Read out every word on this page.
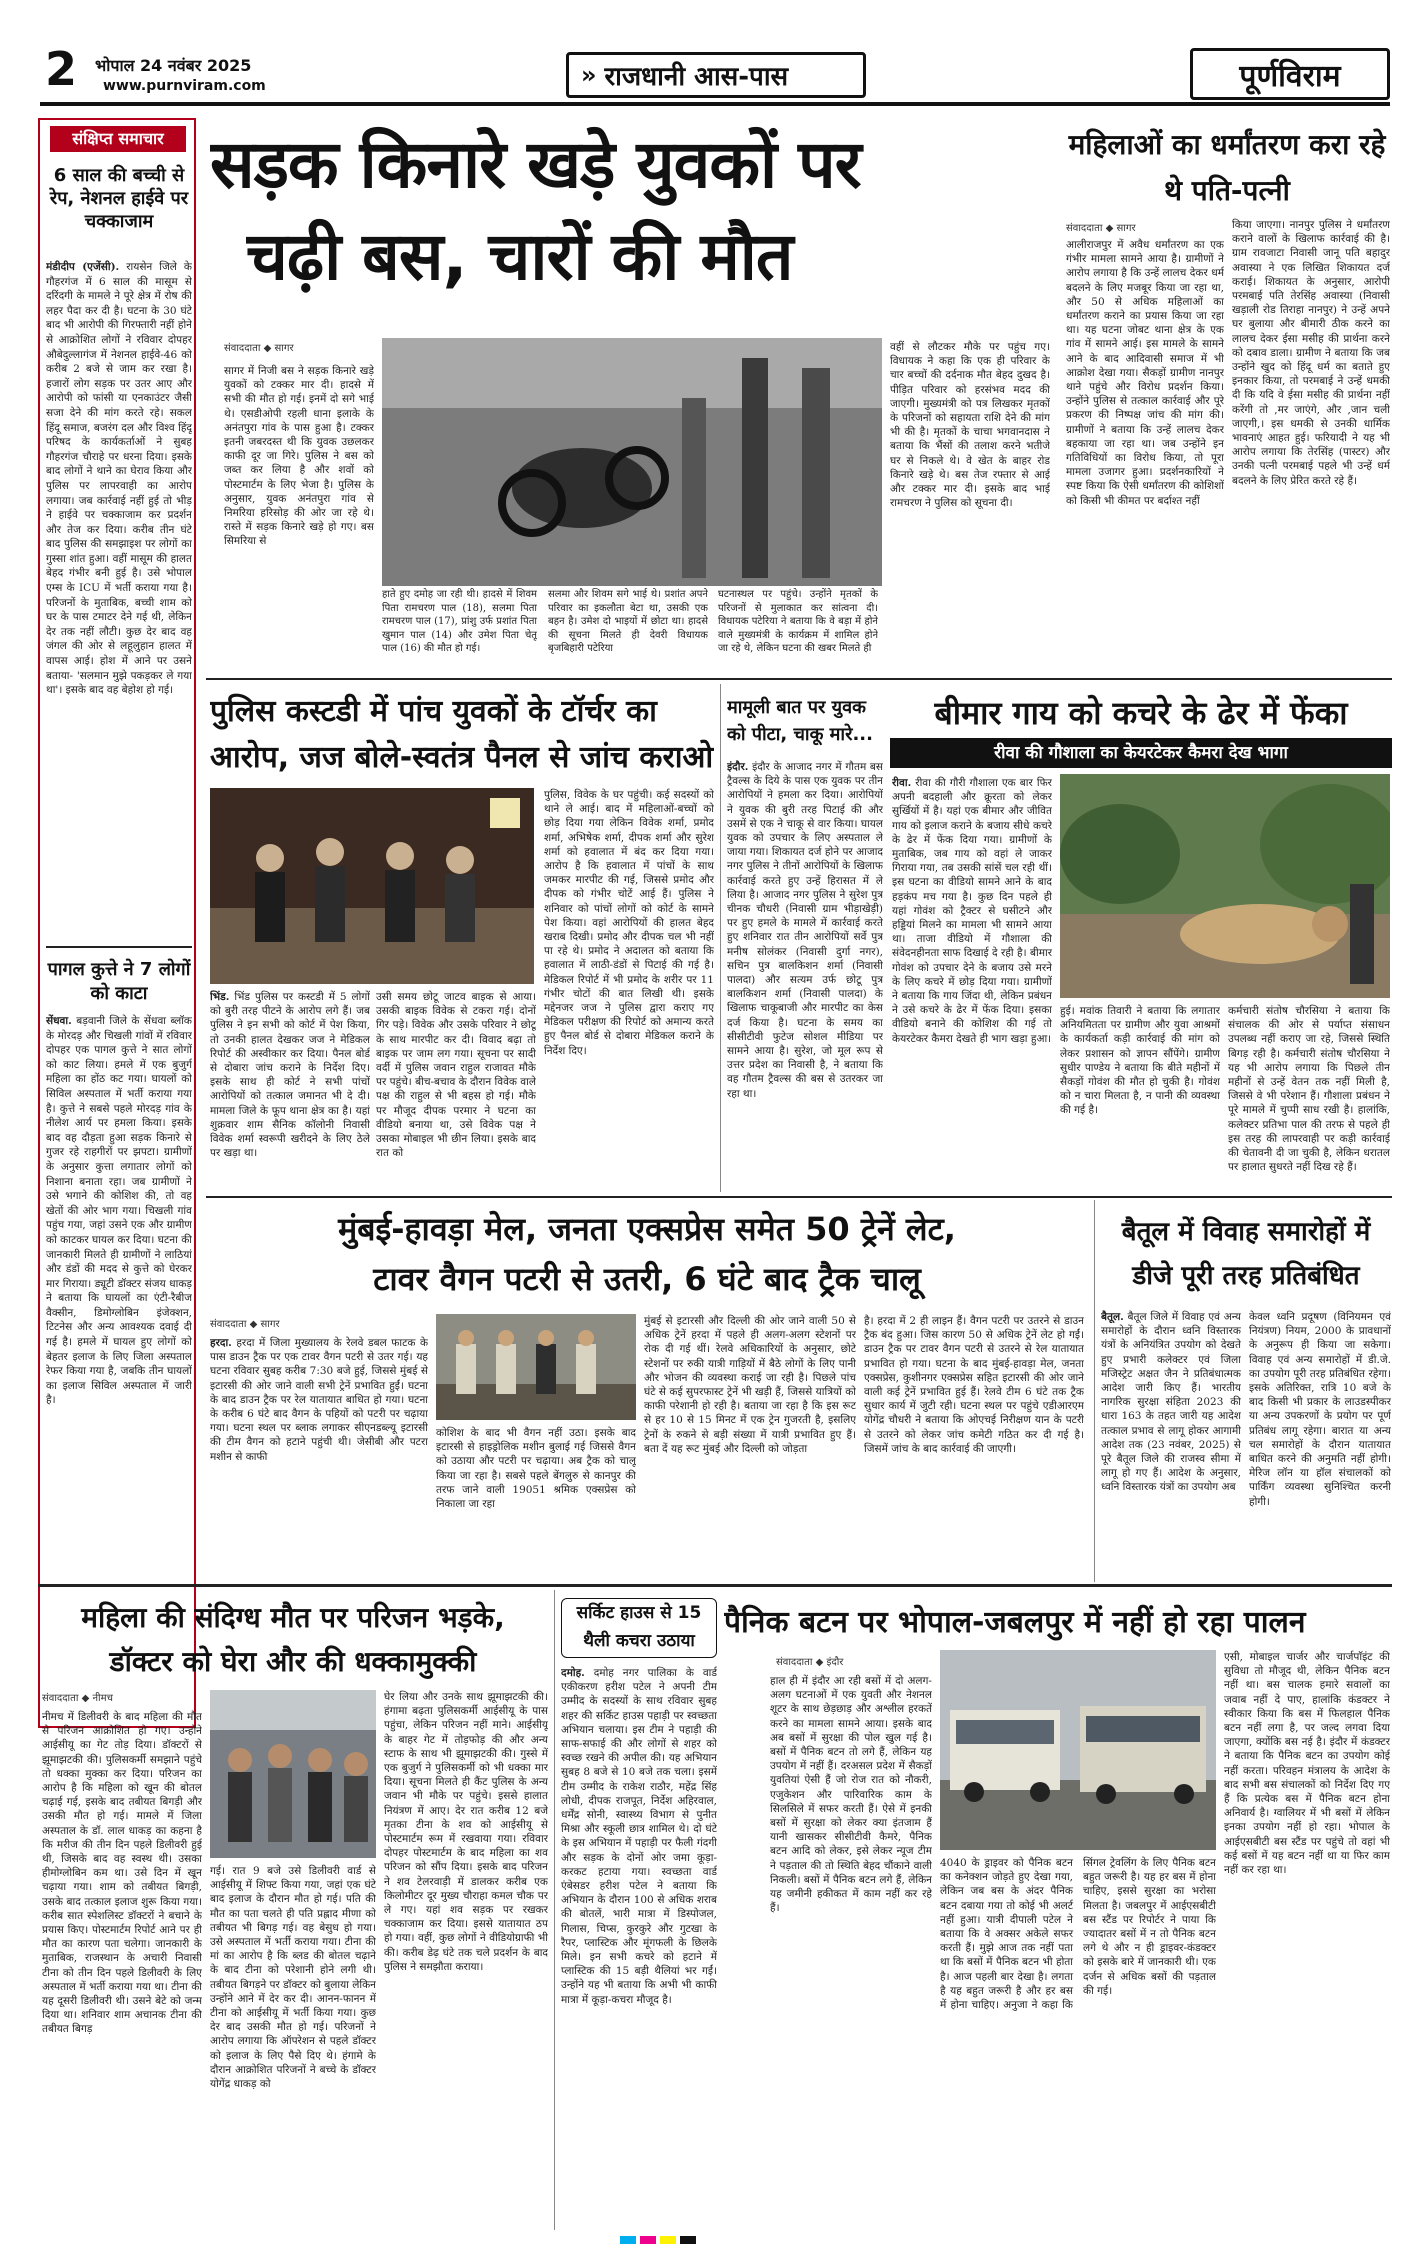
2	भोपाल 24 नवंबर 2025
www.purnviram.com	» राजधानी आस-पास	पूर्णविराम
संक्षिप्त समाचार
6 साल की बच्ची से रेप, नेशनल हाईवे पर चक्काजाम
मंडीदीप (एजेंसी). रायसेन जिले के गौहरगंज में 6 साल की मासूम से दरिंदगी के मामले ने पूरे क्षेत्र में रोष की लहर पैदा कर दी है। घटना के 30 घंटे बाद भी आरोपी की गिरफ्तारी नहीं होने से आक्रोशित लोगों ने रविवार दोपहर औबेदुल्लागंज में नेशनल हाईवे-46 को करीब 2 बजे से जाम कर रखा है। हजारों लोग सड़क पर उतर आए और आरोपी को फांसी या एनकाउंटर जैसी सजा देने की मांग करते रहे। सकल हिंदू समाज, बजरंग दल और विश्व हिंदू परिषद के कार्यकर्ताओं ने सुबह गौहरगंज चौराहे पर धरना दिया। इसके बाद लोगों ने थाने का घेराव किया और पुलिस पर लापरवाही का आरोप लगाया। जब कार्रवाई नहीं हुई तो भीड़ ने हाईवे पर चक्काजाम कर प्रदर्शन और तेज कर दिया। करीब तीन घंटे बाद पुलिस की समझाइश पर लोगों का गुस्सा शांत हुआ। वहीं मासूम की हालत बेहद गंभीर बनी हुई है। उसे भोपाल एम्स के ICU में भर्ती कराया गया है। परिजनों के मुताबिक, बच्ची शाम को घर के पास टमाटर देने गई थी, लेकिन देर तक नहीं लौटी। कुछ देर बाद वह जंगल की ओर से लहूलुहान हालत में वापस आई। होश में आने पर उसने बताया- 'सलमान मुझे पकड़कर ले गया था'। इसके बाद वह बेहोश हो गई।
पागल कुत्ते ने 7 लोगों को काटा
सेंधवा. बड़वानी जिले के सेंधवा ब्लॉक के मोरदड़ और चिखली गांवों में रविवार दोपहर एक पागल कुत्ते ने सात लोगों को काट लिया। हमले में एक बुजुर्ग महिला का होंठ कट गया। घायलों को सिविल अस्पताल में भर्ती कराया गया है। कुत्ते ने सबसे पहले मोरदड़ गांव के नीलेश आर्य पर हमला किया। इसके बाद वह दौड़ता हुआ सड़क किनारे से गुजर रहे राहगीरों पर झपटा। ग्रामीणों के अनुसार कुत्ता लगातार लोगों को निशाना बनाता रहा। जब ग्रामीणों ने उसे भगाने की कोशिश की, तो वह खेतों की ओर भाग गया। चिखली गांव पहुंच गया, जहां उसने एक और ग्रामीण को काटकर घायल कर दिया। घटना की जानकारी मिलते ही ग्रामीणों ने लाठियां और डंडों की मदद से कुत्ते को घेरकर मार गिराया। ड्यूटी डॉक्टर संजय धाकड़ ने बताया कि घायलों का एंटी-रैबीज वैक्सीन, डिमोग्लोबिन इंजेक्शन, टिटनेस और अन्य आवश्यक दवाई दी गई है। हमले में घायल हुए लोगों को बेहतर इलाज के लिए जिला अस्पताल रेफर किया गया है, जबकि तीन घायलों का इलाज सिविल अस्पताल में जारी है।
सड़क किनारे खड़े युवकों पर
चढ़ी बस, चारों की मौत
संवाददाता ◆ सागर
सागर में निजी बस ने सड़क किनारे खड़े युवकों को टक्कर मार दी। हादसे में सभी की मौत हो गई। इनमें दो सगे भाई थे। एसडीओपी रहली धाना इलाके के अनंतपुरा गांव के पास हुआ है। टक्कर इतनी जबरदस्त थी कि युवक उछलकर काफी दूर जा गिरे। पुलिस ने बस को जब्त कर लिया है और शवों को पोस्टमार्टम के लिए भेजा है। पुलिस के अनुसार, युवक अनंतपुरा गांव से निमरिया हरिसोड़ की ओर जा रहे थे। रास्ते में सड़क किनारे खड़े हो गए। बस सिमरिया से
हाते हुए दमोह जा रही थी। हादसे में शिवम पिता रामचरण पाल (18), सलमा पिता रामचरण पाल (17), प्रांशु उर्फ प्रशांत पिता खुमान पाल (14) और उमेश पिता चेतू पाल (16) की मौत हो गई।
सलमा और शिवम सगे भाई थे। प्रशांत अपने परिवार का इकलौता बेटा था, उसकी एक बहन है। उमेश दो भाइयों में छोटा था। हादसे की सूचना मिलते ही देवरी विधायक बृजबिहारी पटेरिया
घटनास्थल पर पहुंचे। उन्होंने मृतकों के परिजनों से मुलाकात कर सांत्वना दी। विधायक पटेरिया ने बताया कि वे बड़ा में होने वाले मुख्यमंत्री के कार्यक्रम में शामिल होने जा रहे थे, लेकिन घटना की खबर मिलते ही
वहीं से लौटकर मौके पर पहुंच गए। विधायक ने कहा कि एक ही परिवार के चार बच्चों की दर्दनाक मौत बेहद दुखद है। पीड़ित परिवार को हरसंभव मदद की जाएगी। मुख्यमंत्री को पत्र लिखकर मृतकों के परिजनों को सहायता राशि देने की मांग भी की है। मृतकों के चाचा भगवानदास ने बताया कि भैंसों की तलाश करने भतीजे घर से निकले थे। वे खेत के बाहर रोड किनारे खड़े थे। बस तेज रफ्तार से आई और टक्कर मार दी। इसके बाद भाई रामचरण ने पुलिस को सूचना दी।
महिलाओं का धर्मांतरण करा रहे थे पति-पत्नी
संवाददाता ◆ सागर
आलीराजपुर में अवैध धर्मांतरण का एक गंभीर मामला सामने आया है। ग्रामीणों ने आरोप लगाया है कि उन्हें लालच देकर धर्म बदलने के लिए मजबूर किया जा रहा था, और 50 से अधिक महिलाओं का धर्मांतरण कराने का प्रयास किया जा रहा था। यह घटना जोबट थाना क्षेत्र के एक गांव में सामने आई। इस मामले के सामने आने के बाद आदिवासी समाज में भी आक्रोश देखा गया। सैकड़ों ग्रामीण नानपुर थाने पहुंचे और विरोध प्रदर्शन किया। उन्होंने पुलिस से तत्काल कार्रवाई और पूरे प्रकरण की निष्पक्ष जांच की मांग की। ग्रामीणों ने बताया कि उन्हें लालच देकर बहकाया जा रहा था। जब उन्होंने इन गतिविधियों का विरोध किया, तो पूरा मामला उजागर हुआ। प्रदर्शनकारियों ने स्पष्ट किया कि ऐसी धर्मांतरण की कोशिशों को किसी भी कीमत पर बर्दाश्त नहीं
किया जाएगा। नानपुर पुलिस ने धर्मांतरण कराने वालों के खिलाफ कार्रवाई की है। ग्राम रावजाटा निवासी जानू पति बहादुर अवास्या ने एक लिखित शिकायत दर्ज कराई। शिकायत के अनुसार, आरोपी परमबाई पति तेरसिंह अवास्या (निवासी खड़ाली रोड तिराहा नानपुर) ने उन्हें अपने घर बुलाया और बीमारी ठीक करने का लालच देकर ईसा मसीह की प्रार्थना करने को दबाव डाला। ग्रामीण ने बताया कि जब उन्होंने खुद को हिंदू धर्म का बताते हुए इनकार किया, तो परमबाई ने उन्हें धमकी दी कि यदि वे ईसा मसीह की प्रार्थना नहीं करेंगी तो ,मर जाएंगे, और ,जान चली जाएगी,। इस धमकी से उनकी धार्मिक भावनाएं आहत हुई। फरियादी ने यह भी आरोप लगाया कि तेरसिंह (पास्टर) और उनकी पत्नी परमबाई पहले भी उन्हें धर्म बदलने के लिए प्रेरित करते रहे हैं।
पुलिस कस्टडी में पांच युवकों के टॉर्चर का
आरोप, जज बोले-स्वतंत्र पैनल से जांच कराओ
भिंड. भिंड पुलिस पर कस्टडी में 5 लोगों को बुरी तरह पीटने के आरोप लगे हैं। जब पुलिस ने इन सभी को कोर्ट में पेश किया, तो उनकी हालत देखकर जज ने मेडिकल रिपोर्ट की अस्वीकार कर दिया। पैनल बोर्ड से दोबारा जांच कराने के निर्देश दिए। इसके साथ ही कोर्ट ने सभी पांचों आरोपियों को तत्काल जमानत भी दे दी। मामला जिले के फूप थाना क्षेत्र का है। यहां शुक्रवार शाम सैनिक कॉलोनी निवासी विवेक शर्मा स्वरूपी खरीदने के लिए ठेले पर खड़ा था।
उसी समय छोटू जाटव बाइक से आया। उसकी बाइक विवेक से टकरा गई। दोनों गिर पड़े। विवेक और उसके परिवार ने छोटू के साथ मारपीट कर दी। विवाद बढ़ा तो बाइक पर जाम लग गया। सूचना पर सादी वर्दी में पुलिस जवान राहुल राजावत मौके पर पहुंचे। बीच-बचाव के दौरान विवेक वाले पक्ष की राहुल से भी बहस हो गई। मौके पर मौजूद दीपक परमार ने घटना का वीडियो बनाया था, उसे विवेक पक्ष ने उसका मोबाइल भी छीन लिया। इसके बाद रात को
पुलिस, विवेक के घर पहुंची। कई सदस्यों को थाने ले आई। बाद में महिलाओं-बच्चों को छोड़ दिया गया लेकिन विवेक शर्मा, प्रमोद शर्मा, अभिषेक शर्मा, दीपक शर्मा और सुरेश शर्मा को हवालात में बंद कर दिया गया। आरोप है कि हवालात में पांचों के साथ जमकर मारपीट की गई, जिससे प्रमोद और दीपक को गंभीर चोटें आई हैं। पुलिस ने शनिवार को पांचों लोगों को कोर्ट के सामने पेश किया। वहां आरोपियों की हालत बेहद खराब दिखी। प्रमोद और दीपक चल भी नहीं पा रहे थे। प्रमोद ने अदालत को बताया कि हवालात में लाठी-डंडों से पिटाई की गई है। मेडिकल रिपोर्ट में भी प्रमोद के शरीर पर 11 गंभीर चोटों की बात लिखी थी। इसके मद्देनजर जज ने पुलिस द्वारा कराए गए मेडिकल परीक्षण की रिपोर्ट को अमान्य करते हुए पैनल बोर्ड से दोबारा मेडिकल कराने के निर्देश दिए।
मामूली बात पर युवक को पीटा, चाकू मारे...
इंदौर. इंदौर के आजाद नगर में गौतम बस ट्रैवल्स के दिये के पास एक युवक पर तीन आरोपियों ने हमला कर दिया। आरोपियों ने युवक की बुरी तरह पिटाई की और उसमें से एक ने चाकू से वार किया। घायल युवक को उपचार के लिए अस्पताल ले जाया गया। शिकायत दर्ज होने पर आजाद नगर पुलिस ने तीनों आरोपियों के खिलाफ कार्रवाई करते हुए उन्हें हिरासत में ले लिया है। आजाद नगर पुलिस ने सुरेश पुत्र चीनक चौधरी (निवासी ग्राम भीड़ाखेड़ी) पर हुए हमले के मामले में कार्रवाई करते हुए शनिवार रात तीन आरोपियों सर्वे पुत्र मनीष सोलंकर (निवासी दुर्गा नगर), सचिन पुत्र बालकिशन शर्मा (निवासी पालदा) और सत्यम उर्फ छोटू पुत्र बालकिशन शर्मा (निवासी पालदा) के खिलाफ चाकूबाजी और मारपीट का केस दर्ज किया है। घटना के समय का सीसीटीवी फुटेज सोशल मीडिया पर सामने आया है। सुरेश, जो मूल रूप से उत्तर प्रदेश का निवासी है, ने बताया कि वह गौतम ट्रैवल्स की बस से उतरकर जा रहा था।
बीमार गाय को कचरे के ढेर में फेंका
रीवा की गौशाला का केयरटेकर कैमरा देख भागा
रीवा. रीवा की गौरी गौशाला एक बार फिर अपनी बदहाली और क्रूरता को लेकर सुर्खियों में है। यहां एक बीमार और जीवित गाय को इलाज कराने के बजाय सीधे कचरे के ढेर में फेंक दिया गया। ग्रामीणों के मुताबिक, जब गाय को वहां ले जाकर गिराया गया, तब उसकी सांसें चल रही थीं। इस घटना का वीडियो सामने आने के बाद हड़कंप मच गया है। कुछ दिन पहले ही यहां गोवंश को ट्रैक्टर से घसीटने और हड्डियां मिलने का मामला भी सामने आया था। ताजा वीडियो में गौशाला की संवेदनहीनता साफ दिखाई दे रही है। बीमार गोवंश को उपचार देने के बजाय उसे मरने के लिए कचरे में छोड़ दिया गया। ग्रामीणों ने बताया कि गाय जिंदा थी, लेकिन प्रबंधन ने उसे कचरे के ढेर में फेंक दिया। इसका वीडियो बनाने की कोशिश की गई तो केयरटेकर कैमरा देखते ही भाग खड़ा हुआ।
हुई। मवांक तिवारी ने बताया कि लगातार अनियमितता पर ग्रामीण और युवा आश्रमों के कार्यकर्ता कड़ी कार्रवाई की मांग को लेकर प्रशासन को ज्ञापन सौंपेंगे। ग्रामीण सुधीर पाण्डेय ने बताया कि बीते महीनों में सैकड़ों गोवंश की मौत हो चुकी है। गोवंश को न चारा मिलता है, न पानी की व्यवस्था की गई है।
कर्मचारी संतोष चौरसिया ने बताया कि संचालक की ओर से पर्याप्त संसाधन उपलब्ध नहीं कराए जा रहे, जिससे स्थिति बिगड़ रही है। कर्मचारी संतोष चौरसिया ने यह भी आरोप लगाया कि पिछले तीन महीनों से उन्हें वेतन तक नहीं मिली है, जिससे वे भी परेशान हैं। गौशाला प्रबंधन ने पूरे मामले में चुप्पी साध रखी है। हालांकि, कलेक्टर प्रतिभा पाल की तरफ से पहले ही इस तरह की लापरवाही पर कड़ी कार्रवाई की चेतावनी दी जा चुकी है, लेकिन धरातल पर हालात सुधरते नहीं दिख रहे हैं।
मुंबई-हावड़ा मेल, जनता एक्सप्रेस समेत 50 ट्रेनें लेट,
टावर वैगन पटरी से उतरी, 6 घंटे बाद ट्रैक चालू
संवाददाता ◆ सागर
हरदा. हरदा में जिला मुख्यालय के रेलवे डबल फाटक के पास डाउन ट्रैक पर एक टावर वैगन पटरी से उतर गई। यह घटना रविवार सुबह करीब 7:30 बजे हुई, जिससे मुंबई से इटारसी की ओर जाने वाली सभी ट्रेनें प्रभावित हुईं। घटना के बाद डाउन ट्रैक पर रेल यातायात बाधित हो गया। घटना के करीब 6 घंटे बाद वैगन के पहियों को पटरी पर चढ़ाया गया। घटना स्थल पर ब्लाक लगाकर सीएनडब्ल्यू इटारसी की टीम वैगन को हटाने पहुंची थी। जेसीबी और पटरा मशीन से काफी
कोशिश के बाद भी वैगन नहीं उठा। इसके बाद इटारसी से हाइड्रोलिक मशीन बुलाई गई जिससे वैगन को उठाया और पटरी पर चढ़ाया। अब ट्रैक को चालू किया जा रहा है। सबसे पहले बेंगलुरु से कानपुर की तरफ जाने वाली 19051 श्रमिक एक्सप्रेस को निकाला जा रहा
मुंबई से इटारसी और दिल्ली की ओर जाने वाली 50 से अधिक ट्रेनें हरदा में पहले ही अलग-अलग स्टेशनों पर रोक दी गई थीं। रेलवे अधिकारियों के अनुसार, छोटे स्टेशनों पर रुकी यात्री गाड़ियों में बैठे लोगों के लिए पानी और भोजन की व्यवस्था कराई जा रही है। पिछले पांच घंटे से कई सुपरफास्ट ट्रेनें भी खड़ी हैं, जिससे यात्रियों को काफी परेशानी हो रही है। बताया जा रहा है कि इस रूट से हर 10 से 15 मिनट में एक ट्रेन गुजरती है, इसलिए ट्रेनों के रुकने से बड़ी संख्या में यात्री प्रभावित हुए हैं। बता दें यह रूट मुंबई और दिल्ली को जोड़ता
है। हरदा में 2 ही लाइन हैं। वैगन पटरी पर उतरने से डाउन ट्रैक बंद हुआ। जिस कारण 50 से अधिक ट्रेनें लेट हो गईं। डाउन ट्रैक पर टावर वैगन पटरी से उतरने से रेल यातायात प्रभावित हो गया। घटना के बाद मुंबई-हावड़ा मेल, जनता एक्सप्रेस, कुशीनगर एक्सप्रेस सहित इटारसी की ओर जाने वाली कई ट्रेनें प्रभावित हुई हैं। रेलवे टीम 6 घंटे तक ट्रैक सुधार कार्य में जुटी रही। घटना स्थल पर पहुंचे एडीआरएम योगेंद्र चौधरी ने बताया कि ओएचई निरीक्षण यान के पटरी से उतरने को लेकर जांच कमेटी गठित कर दी गई है। जिसमें जांच के बाद कार्रवाई की जाएगी।
बैतूल में विवाह समारोहों में डीजे पूरी तरह प्रतिबंधित
बैतूल. बैतूल जिले में विवाह एवं अन्य समारोहों के दौरान ध्वनि विस्तारक यंत्रों के अनियंत्रित उपयोग को देखते हुए प्रभारी कलेक्टर एवं जिला मजिस्ट्रेट अक्षत जैन ने प्रतिबंधात्मक आदेश जारी किए हैं। भारतीय नागरिक सुरक्षा संहिता 2023 की धारा 163 के तहत जारी यह आदेश तत्काल प्रभाव से लागू होकर आगामी आदेश तक (23 नवंबर, 2025) से पूरे बैतूल जिले की राजस्व सीमा में लागू हो गए हैं। आदेश के अनुसार, ध्वनि विस्तारक यंत्रों का उपयोग अब
केवल ध्वनि प्रदूषण (विनियमन एवं नियंत्रण) नियम, 2000 के प्रावधानों के अनुरूप ही किया जा सकेगा। विवाह एवं अन्य समारोहों में डी.जे. का उपयोग पूरी तरह प्रतिबंधित रहेगा। इसके अतिरिक्त, रात्रि 10 बजे के बाद किसी भी प्रकार के लाउडस्पीकर या अन्य उपकरणों के प्रयोग पर पूर्ण प्रतिबंध लागू रहेगा। बारात या अन्य चल समारोहों के दौरान यातायात बाधित करने की अनुमति नहीं होगी। मेरिज लॉन या हॉल संचालकों को पार्किंग व्यवस्था सुनिश्चित करनी होगी।
महिला की संदिग्ध मौत पर परिजन भड़के,
डॉक्टर को घेरा और की धक्कामुक्की
संवाददाता ◆ नीमच
नीमच में डिलीवरी के बाद महिला की मौत से परिजन आक्रोशित हो गए। उन्होंने आईसीयू का गेट तोड़ दिया। डॉक्टरों से झूमाझटकी की। पुलिसकर्मी समझाने पहुंचे तो धक्का मुक्का कर दिया। परिजन का आरोप है कि महिला को खून की बोतल चढ़ाई गई, इसके बाद तबीयत बिगड़ी और उसकी मौत हो गई। मामले में जिला अस्पताल के डॉ. लाल धाकड़ का कहना है कि मरीज की तीन दिन पहले डिलीवरी हुई थी, जिसके बाद वह स्वस्थ थी। उसका हीमोग्लोबिन कम था। उसे दिन में खून चढ़ाया गया। शाम को तबीयत बिगड़ी, उसके बाद तत्काल इलाज शुरू किया गया। करीब सात स्पेशलिस्ट डॉक्टरों ने बचाने के प्रयास किए। पोस्टमार्टम रिपोर्ट आने पर ही मौत का कारण पता चलेगा। जानकारी के मुताबिक, राजस्थान के अचारी निवासी टीना को तीन दिन पहले डिलीवरी के लिए अस्पताल में भर्ती कराया गया था। टीना की यह दूसरी डिलीवरी थी। उसने बेटे को जन्म दिया था। शनिवार शाम अचानक टीना की तबीयत बिगड़
गई। रात 9 बजे उसे डिलीवरी वार्ड से आईसीयू में शिफ्ट किया गया, जहां एक घंटे बाद इलाज के दौरान मौत हो गई। पति की मौत का पता चलते ही पति प्रह्लाद मीणा को तबीयत भी बिगड़ गई। वह बेसुध हो गया। उसे अस्पताल में भर्ती कराया गया। टीना की मां का आरोप है कि ब्लड की बोतल चढ़ाने के बाद टीना को परेशानी होने लगी थी। तबीयत बिगड़ने पर डॉक्टर को बुलाया लेकिन उन्होंने आने में देर कर दी। आनन-फानन में टीना को आईसीयू में भर्ती किया गया। कुछ देर बाद उसकी मौत हो गई। परिजनों ने आरोप लगाया कि ऑपरेशन से पहले डॉक्टर को इलाज के लिए पैसे दिए थे। हंगामे के दौरान आक्रोशित परिजनों ने बच्चे के डॉक्टर योगेंद्र धाकड़ को
घेर लिया और उनके साथ झूमाझटकी की। हंगामा बढ़ता पुलिसकर्मी आईसीयू के पास पहुंचा, लेकिन परिजन नहीं माने। आईसीयू के बाहर गेट में तोड़फोड़ की और अन्य स्टाफ के साथ भी झूमाझटकी की। गुस्से में एक बुजुर्ग ने पुलिसकर्मी को भी धक्का मार दिया। सूचना मिलते ही कैंट पुलिस के अन्य जवान भी मौके पर पहुंचे। इससे हालात नियंत्रण में आए। देर रात करीब 12 बजे मृतका टीना के शव को आईसीयू से पोस्टमार्टम रूम में रखवाया गया। रविवार दोपहर पोस्टमार्टम के बाद महिला का शव परिजन को सौंप दिया। इसके बाद परिजन ने शव टेलरवाड़ी में डालकर करीब एक किलोमीटर दूर मुख्य चौराहा कमल चौक पर ले गए। यहां शव सड़क पर रखकर चक्काजाम कर दिया। इससे यातायात ठप हो गया। वहीं, कुछ लोगों ने वीडियोग्राफी भी की। करीब डेढ़ घंटे तक चले प्रदर्शन के बाद पुलिस ने समझौता कराया।
सर्किट हाउस से 15 थैली कचरा उठाया
दमोह. दमोह नगर पालिका के वार्ड एकीकरण हरीश पटेल ने अपनी टीम उम्मीद के सदस्यों के साथ रविवार सुबह शहर की सर्किट हाउस पहाड़ी पर स्वच्छता अभियान चलाया। इस टीम ने पहाड़ी की साफ-सफाई की और लोगों से शहर को स्वच्छ रखने की अपील की। यह अभियान सुबह 8 बजे से 10 बजे तक चला। इसमें टीम उम्मीद के राकेश राठौर, महेंद्र सिंह लोधी, दीपक राजपूत, निर्देश अहिरवाल, धर्मेंद्र सोनी, स्वास्थ्य विभाग से पुनीत मिश्रा और स्कूली छात्र शामिल थे। दो घंटे के इस अभियान में पहाड़ी पर फैली गंदगी और सड़क के दोनों ओर जमा कूड़ा-करकट हटाया गया। स्वच्छता वार्ड एंबेसडर हरीश पटेल ने बताया कि अभियान के दौरान 100 से अधिक शराब की बोतलें, भारी मात्रा में डिस्पोजल, गिलास, चिप्स, कुरकुरे और गुटखा के रैपर, प्लास्टिक और मूंगफली के छिलके मिले। इन सभी कचरे को हटाने में प्लास्टिक की 15 बड़ी थैलियां भर गईं। उन्होंने यह भी बताया कि अभी भी काफी मात्रा में कूड़ा-कचरा मौजूद है।
पैनिक बटन पर भोपाल-जबलपुर में नहीं हो रहा पालन
संवाददाता ◆ इंदौर
हाल ही में इंदौर आ रही बसों में दो अलग-अलग घटनाओं में एक युवती और नेशनल शूटर के साथ छेड़छाड़ और अश्लील हरकतें करने का मामला सामने आया। इसके बाद अब बसों में सुरक्षा की पोल खुल गई है। बसों में पैनिक बटन तो लगे हैं, लेकिन यह उपयोग में नहीं हैं। दरअसल प्रदेश में सैकड़ों युवतियां ऐसी हैं जो रोज रात को नौकरी, एजुकेशन और पारिवारिक काम के सिलसिले में सफर करती हैं। ऐसे में इनकी बसों में सुरक्षा को लेकर क्या इंतजाम हैं यानी खासकर सीसीटीवी कैमरे, पैनिक बटन आदि को लेकर, इसे लेकर न्यूज टीम ने पड़ताल की तो स्थिति बेहद चौंकाने वाली निकली। बसों में पैनिक बटन लगे हैं, लेकिन यह जमीनी हकीकत में काम नहीं कर रहे हैं।
4040 के ड्राइवर को पैनिक बटन का कनेक्शन जोड़ते हुए देखा गया, लेकिन जब बस के अंदर पैनिक बटन दबाया गया तो कोई भी अलर्ट नहीं हुआ। यात्री दीपाली पटेल ने बताया कि वे अक्सर अकेले सफर करती हैं। मुझे आज तक नहीं पता था कि बसों में पैनिक बटन भी होता है। आज पहली बार देखा है। लगता है यह बहुत जरूरी है और हर बस में होना चाहिए। अनुजा ने कहा कि सिंगल ट्रेवलिंग के लिए पैनिक बटन बहुत जरूरी है। यह हर बस में होना चाहिए, इससे सुरक्षा का भरोसा मिलता है। जबलपुर में आईएसबीटी बस स्टैंड पर रिपोर्टर ने पाया कि ज्यादातर बसों में न तो पैनिक बटन लगे थे और न ही ड्राइवर-कंडक्टर को इसके बारे में जानकारी थी। एक दर्जन से अधिक बसों की पड़ताल की गई।
एसी, मोबाइल चार्जर और चार्जपाॅइंट की सुविधा तो मौजूद थी, लेकिन पैनिक बटन नहीं था। बस चालक हमारे सवालों का जवाब नहीं दे पाए, हालांकि कंडक्टर ने स्वीकार किया कि बस में फिलहाल पैनिक बटन नहीं लगा है, पर जल्द लगवा दिया जाएगा, क्योंकि बस नई है। इंदौर में कंडक्टर ने बताया कि पैनिक बटन का उपयोग कोई नहीं करता। परिवहन मंत्रालय के आदेश के बाद सभी बस संचालकों को निर्देश दिए गए हैं कि प्रत्येक बस में पैनिक बटन होना अनिवार्य है। ग्वालियर में भी बसों में लेकिन इनका उपयोग नहीं हो रहा। भोपाल के आईएसबीटी बस स्टैंड पर पहुंचे तो वहां भी कई बसों में यह बटन नहीं था या फिर काम नहीं कर रहा था।
